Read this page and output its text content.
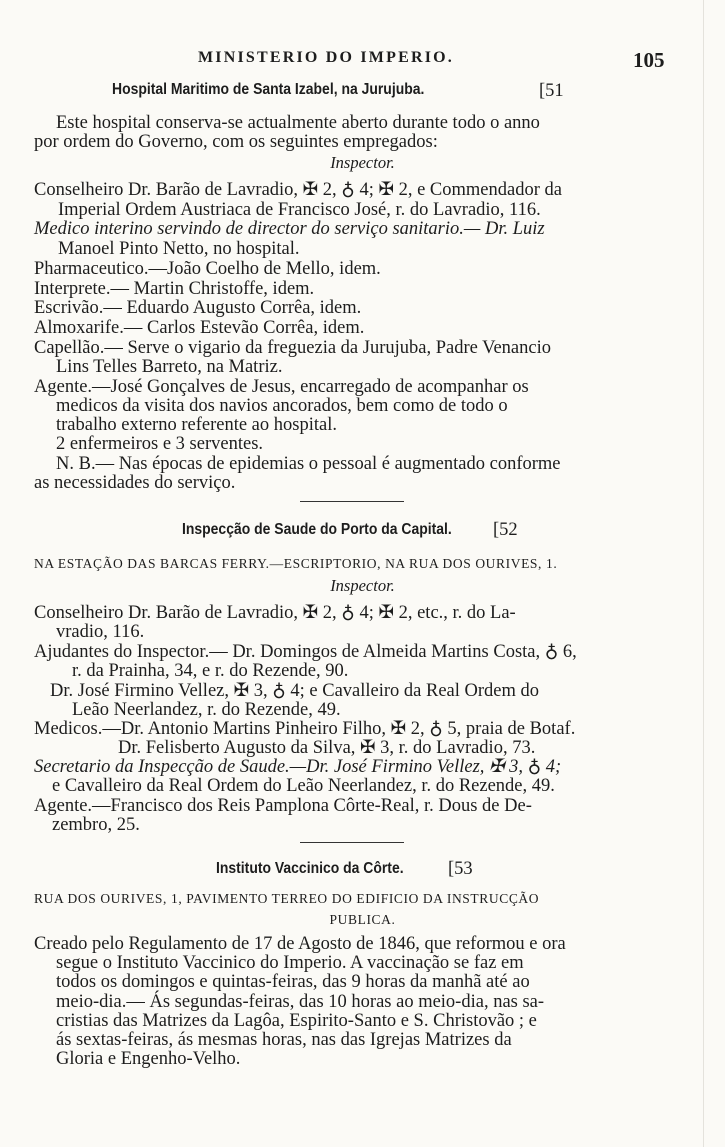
MINISTERIO DO IMPERIO.	105
Hospital Maritimo de Santa Izabel, na Jurujuba.	[51
Este hospital conserva-se actualmente aberto durante todo o anno
por ordem do Governo, com os seguintes empregados:
Inspector.
Conselheiro Dr. Barão de Lavradio, ✠ 2, ♁ 4; ✠ 2, e Commendador da
Imperial Ordem Austriaca de Francisco José, r. do Lavradio, 116.
Medico interino servindo de director do serviço sanitario.— Dr. Luiz
Manoel Pinto Netto, no hospital.
Pharmaceutico.—João Coelho de Mello, idem.
Interprete.— Martin Christoffe, idem.
Escrivão.— Eduardo Augusto Corrêa, idem.
Almoxarife.— Carlos Estevão Corrêa, idem.
Capellão.— Serve o vigario da freguezia da Jurujuba, Padre Venancio
Lins Telles Barreto, na Matriz.
Agente.—José Gonçalves de Jesus, encarregado de acompanhar os
medicos da visita dos navios ancorados, bem como de todo o
trabalho externo referente ao hospital.
2 enfermeiros e 3 serventes.
N. B.— Nas épocas de epidemias o pessoal é augmentado conforme
as necessidades do serviço.
Inspecção de Saude do Porto da Capital.	[52
NA ESTAÇÃO DAS BARCAS FERRY.—ESCRIPTORIO, NA RUA DOS OURIVES, 1.
Inspector.
Conselheiro Dr. Barão de Lavradio, ✠ 2, ♁ 4; ✠ 2, etc., r. do La-
vradio, 116.
Ajudantes do Inspector.— Dr. Domingos de Almeida Martins Costa, ♁ 6,
r. da Prainha, 34, e r. do Rezende, 90.
Dr. José Firmino Vellez, ✠ 3, ♁ 4; e Cavalleiro da Real Ordem do
Leão Neerlandez, r. do Rezende, 49.
Medicos.—Dr. Antonio Martins Pinheiro Filho, ✠ 2, ♁ 5, praia de Botaf.
Dr. Felisberto Augusto da Silva, ✠ 3, r. do Lavradio, 73.
Secretario da Inspecção de Saude.—Dr. José Firmino Vellez, ✠ 3, ♁ 4;
e Cavalleiro da Real Ordem do Leão Neerlandez, r. do Rezende, 49.
Agente.—Francisco dos Reis Pamplona Côrte-Real, r. Dous de De-
zembro, 25.
Instituto Vaccinico da Côrte.	[53
RUA DOS OURIVES, 1, PAVIMENTO TERREO DO EDIFICIO DA INSTRUCÇÃO
PUBLICA.
Creado pelo Regulamento de 17 de Agosto de 1846, que reformou e ora
segue o Instituto Vaccinico do Imperio. A vaccinação se faz em
todos os domingos e quintas-feiras, das 9 horas da manhã até ao
meio-dia.— Ás segundas-feiras, das 10 horas ao meio-dia, nas sa-
cristias das Matrizes da Lagôa, Espirito-Santo e S. Christovão ; e
ás sextas-feiras, ás mesmas horas, nas das Igrejas Matrizes da
Gloria e Engenho-Velho.
